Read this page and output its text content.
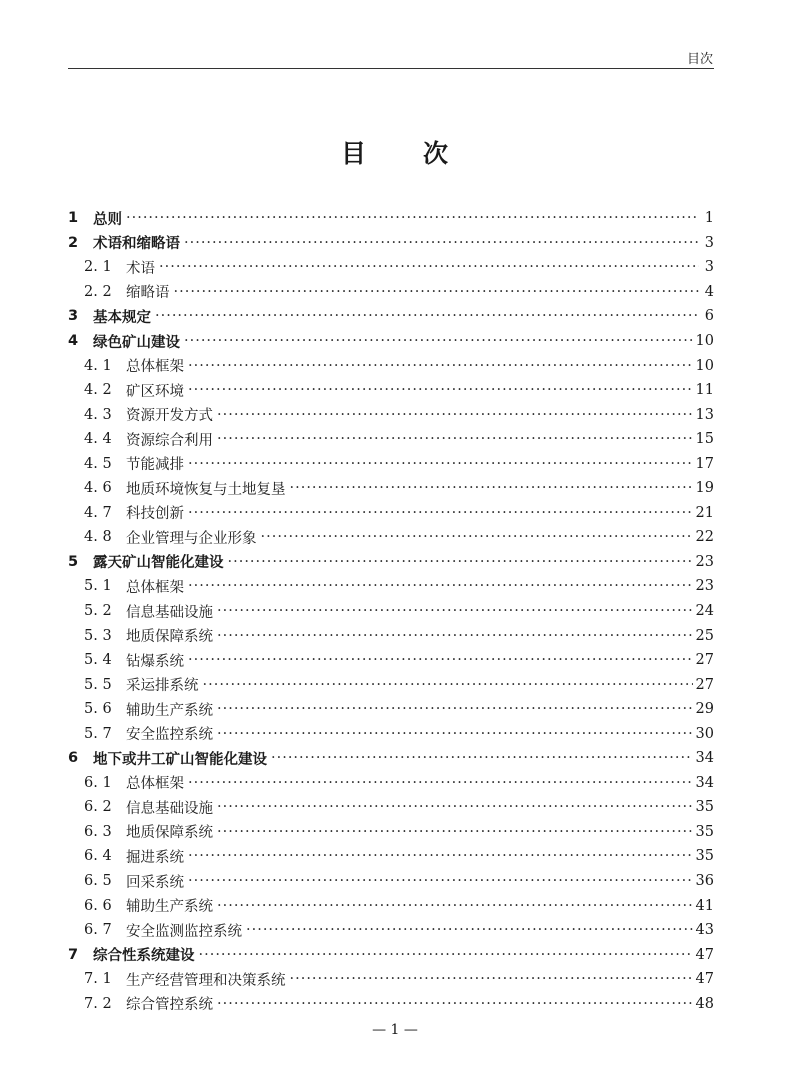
目次
目 次
1	总则 ·····	1
2	术语和缩略语 ·····	3
2. 1 术语 ·····	3
2. 2 缩略语 ·····	4
3	基本规定 ·····	6
4	绿色矿山建设 ·····	10
4. 1 总体框架 ·····	10
4. 2 矿区环境 ·····	11
4. 3 资源开发方式 ·····	13
4. 4 资源综合利用 ·····	15
4. 5 节能减排 ·····	17
4. 6 地质环境恢复与土地复垦 ·····	19
4. 7 科技创新 ·····	21
4. 8 企业管理与企业形象 ·····	22
5	露天矿山智能化建设 ·····	23
5. 1 总体框架 ·····	23
5. 2 信息基础设施 ·····	24
5. 3 地质保障系统 ·····	25
5. 4 钻爆系统 ·····	27
5. 5 采运排系统 ·····	27
5. 6 辅助生产系统 ·····	29
5. 7 安全监控系统 ·····	30
6	地下或井工矿山智能化建设 ·····	34
6. 1 总体框架 ·····	34
6. 2 信息基础设施 ·····	35
6. 3 地质保障系统 ·····	35
6. 4 掘进系统 ·····	35
6. 5 回采系统 ·····	36
6. 6 辅助生产系统 ·····	41
6. 7 安全监测监控系统 ·····	43
7	综合性系统建设 ·····	47
7. 1 生产经营管理和决策系统 ·····	47
7. 2 综合管控系统 ·····	48
— 1 —
